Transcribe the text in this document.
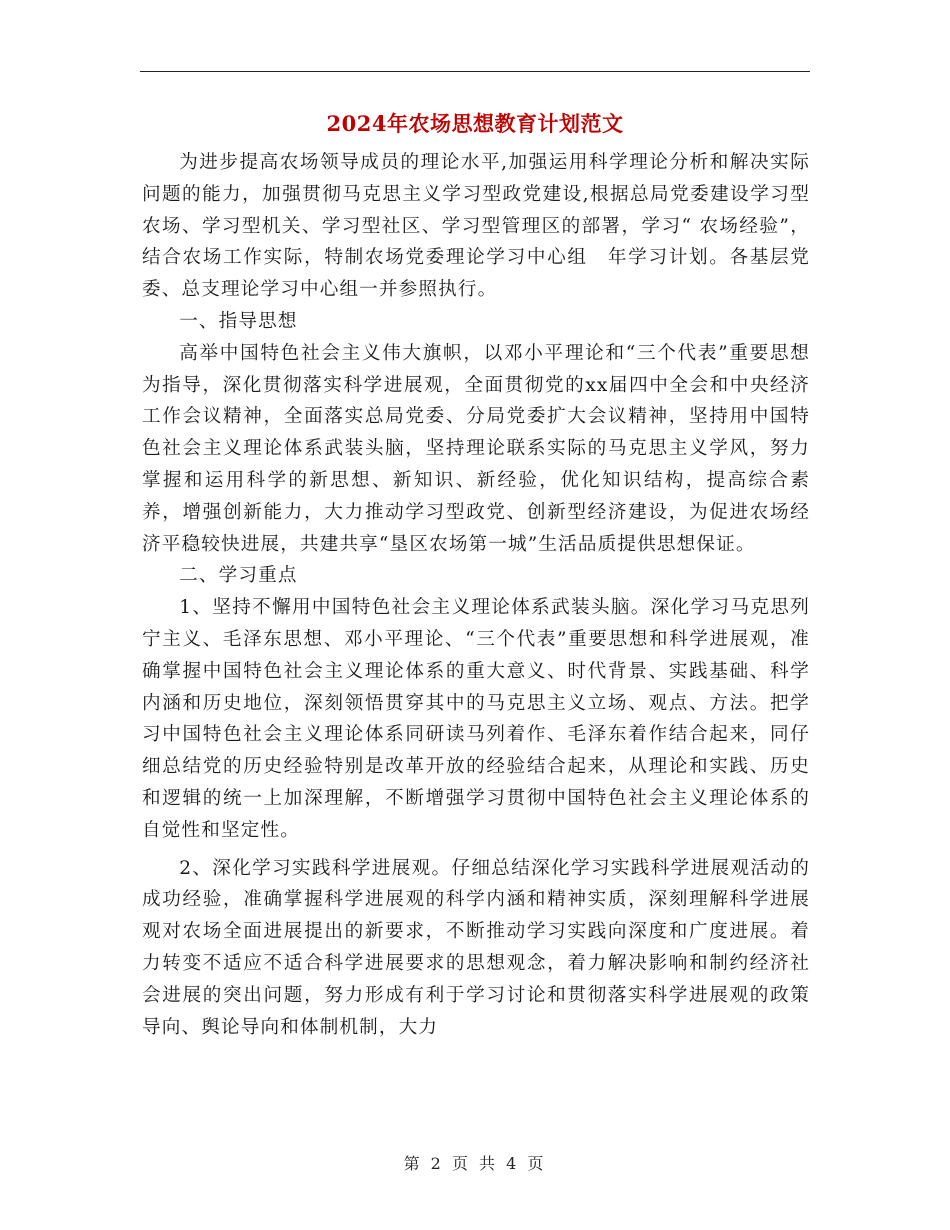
2024年农场思想教育计划范文

为进步提高农场领导成员的理论水平,加强运用科学理论分析和解决实际问题的能力，加强贯彻马克思主义学习型政党建设,根据总局党委建设学习型农场、学习型机关、学习型社区、学习型管理区的部署，学习“ 农场经验”，结合农场工作实际，特制农场党委理论学习中心组　年学习计划。各基层党委、总支理论学习中心组一并参照执行。

一、指导思想

高举中国特色社会主义伟大旗帜，以邓小平理论和“三个代表”重要思想为指导，深化贯彻落实科学进展观，全面贯彻党的xx届四中全会和中央经济工作会议精神，全面落实总局党委、分局党委扩大会议精神，坚持用中国特色社会主义理论体系武装头脑，坚持理论联系实际的马克思主义学风，努力掌握和运用科学的新思想、新知识、新经验，优化知识结构，提高综合素养，增强创新能力，大力推动学习型政党、创新型经济建设，为促进农场经济平稳较快进展，共建共享“垦区农场第一城”生活品质提供思想保证。

二、学习重点

1、坚持不懈用中国特色社会主义理论体系武装头脑。深化学习马克思列宁主义、毛泽东思想、邓小平理论、“三个代表”重要思想和科学进展观，准确掌握中国特色社会主义理论体系的重大意义、时代背景、实践基础、科学内涵和历史地位，深刻领悟贯穿其中的马克思主义立场、观点、方法。把学习中国特色社会主义理论体系同研读马列着作、毛泽东着作结合起来，同仔细总结党的历史经验特别是改革开放的经验结合起来，从理论和实践、历史和逻辑的统一上加深理解，不断增强学习贯彻中国特色社会主义理论体系的自觉性和坚定性。

2、深化学习实践科学进展观。仔细总结深化学习实践科学进展观活动的成功经验，准确掌握科学进展观的科学内涵和精神实质，深刻理解科学进展观对农场全面进展提出的新要求，不断推动学习实践向深度和广度进展。着力转变不适应不适合科学进展要求的思想观念，着力解决影响和制约经济社会进展的突出问题，努力形成有利于学习讨论和贯彻落实科学进展观的政策导向、舆论导向和体制机制，大力

第 2 页 共 4 页
